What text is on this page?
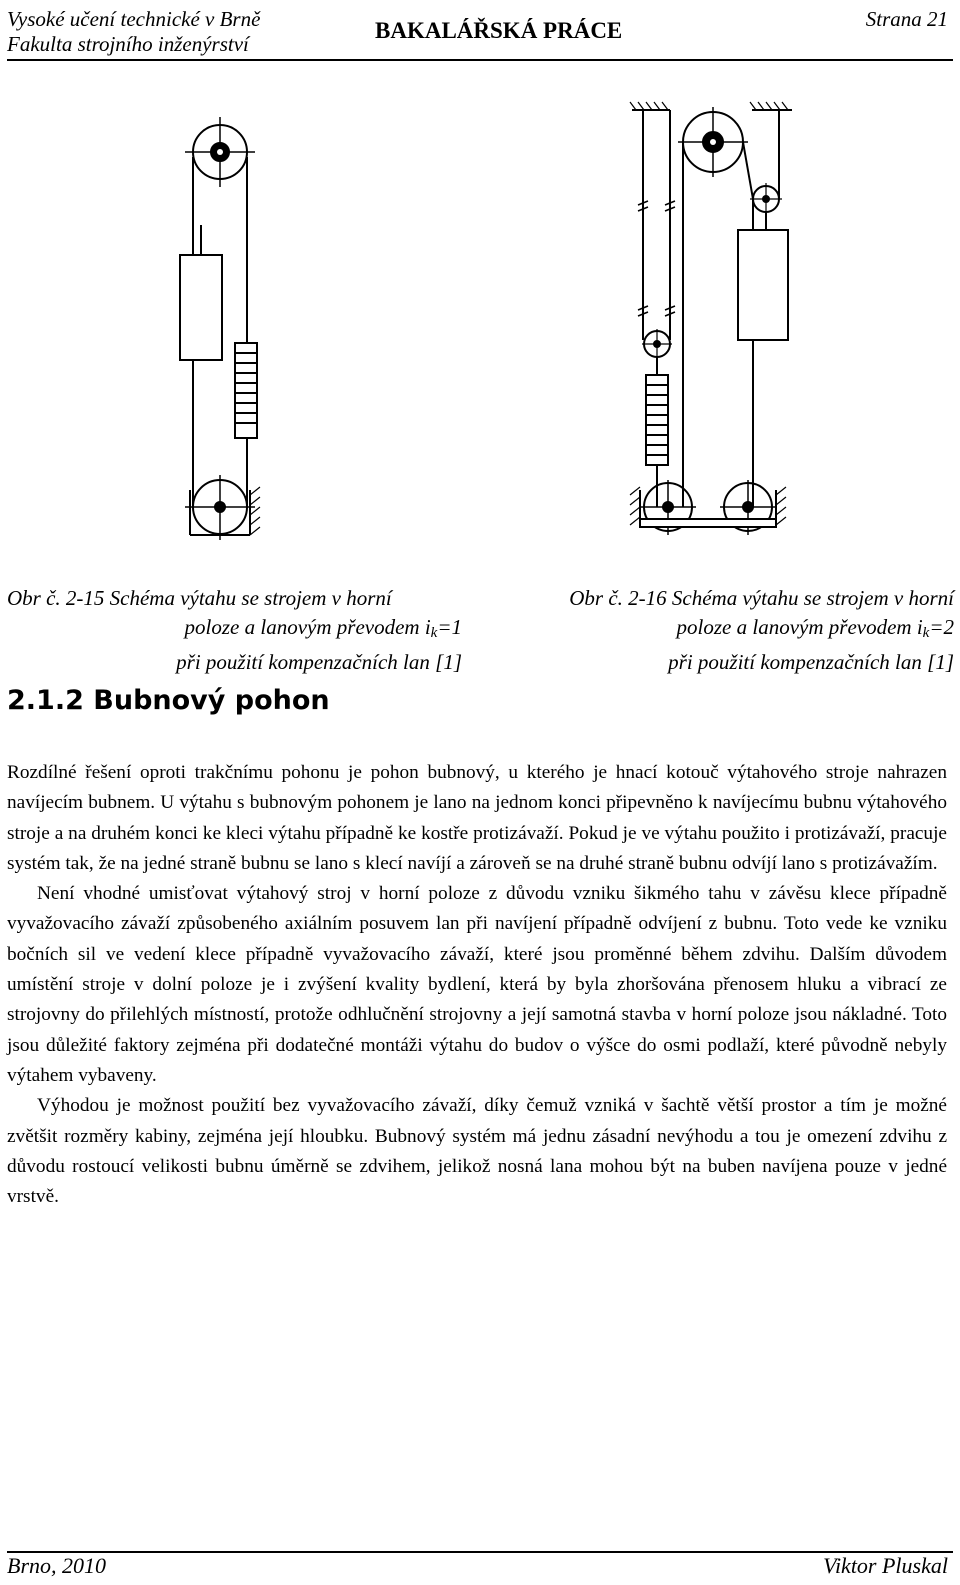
Vysoké učení technické v Brně
Fakulta strojního inženýrství
BAKALÁŘSKÁ PRÁCE	Strana 21
Obr č. 2-15 Schéma výtahu se strojem v horní
poloze a lanovým převodem $i_k=1$
při použití kompenzačních lan [1]
Obr č. 2-16 Schéma výtahu se strojem v horní
poloze a lanovým převodem $i_k=2$
při použití kompenzačních lan [1]
2.1.2 Bubnový pohon

Rozdílné řešení oproti trakčnímu pohonu je pohon bubnový, u kterého je hnací kotouč výtahového stroje nahrazen navíjecím bubnem. U výtahu s bubnovým pohonem je lano na jednom konci připevněno k navíjecímu bubnu výtahového stroje a na druhém konci ke kleci výtahu případně ke kostře protizávaží. Pokud je ve výtahu použito i protizávaží, pracuje systém tak, že na jedné straně bubnu se lano s klecí navíjí a zároveň se na druhé straně bubnu odvíjí lano s protizávažím.

Není vhodné umisťovat výtahový stroj v horní poloze z důvodu vzniku šikmého tahu v závěsu klece případně vyvažovacího závaží způsobeného axiálním posuvem lan při navíjení případně odvíjení z bubnu. Toto vede ke vzniku bočních sil ve vedení klece případně vyvažovacího závaží, které jsou proměnné během zdvihu. Dalším důvodem umístění stroje v dolní poloze je i zvýšení kvality bydlení, která by byla zhoršována přenosem hluku a vibrací ze strojovny do přilehlých místností, protože odhlučnění strojovny a její samotná stavba v horní poloze jsou nákladné. Toto jsou důležité faktory zejména při dodatečné montáži výtahu do budov o výšce do osmi podlaží, které původně nebyly výtahem vybaveny.

Výhodou je možnost použití bez vyvažovacího závaží, díky čemuž vzniká v šachtě větší prostor a tím je možné zvětšit rozměry kabiny, zejména její hloubku. Bubnový systém má jednu zásadní nevýhodu a tou je omezení zdvihu z důvodu rostoucí velikosti bubnu úměrně se zdvihem, jelikož nosná lana mohou být na buben navíjena pouze v jedné vrstvě.

Brno, 2010	Viktor Pluskal
